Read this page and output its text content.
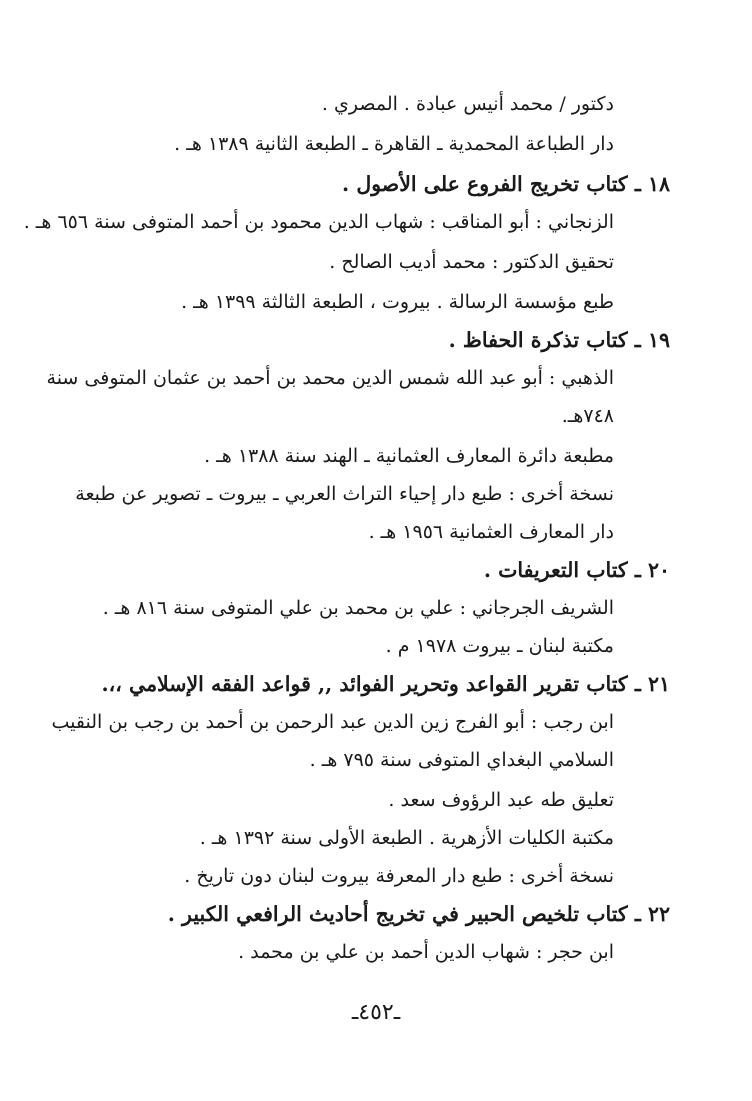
دكتور / محمد أنيس عبادة . المصري .
دار الطباعة المحمدية ـ القاهرة ـ الطبعة الثانية ١٣٨٩ هـ .
١٨ ـ كتاب تخريج الفروع على الأصول .
الزنجاني : أبو المناقب : شهاب الدين محمود بن أحمد المتوفى سنة ٦٥٦ هـ .
تحقيق الدكتور : محمد أديب الصالح .
طبع مؤسسة الرسالة . بيروت ، الطبعة الثالثة ١٣٩٩ هـ .
١٩ ـ كتاب تذكرة الحفاظ .
الذهبي : أبو عبد الله شمس الدين محمد بن أحمد بن عثمان المتوفى سنة
٧٤٨هـ.
مطبعة دائرة المعارف العثمانية ـ الهند سنة ١٣٨٨ هـ .
نسخة أخرى : طبع دار إحياء التراث العربي ـ بيروت ـ تصوير عن طبعة
دار المعارف العثمانية ١٩٥٦ هـ .
٢٠ ـ كتاب التعريفات .
الشريف الجرجاني : علي بن محمد بن علي المتوفى سنة ٨١٦ هـ .
مكتبة لبنان ـ بيروت ١٩٧٨ م .
٢١ ـ كتاب تقرير القواعد وتحرير الفوائد ,, قواعد الفقه الإسلامي ،،.
ابن رجب : أبو الفرج زين الدين عبد الرحمن بن أحمد بن رجب بن النقيب
السلامي البغداي المتوفى سنة ٧٩٥ هـ .
تعليق طه عبد الرؤوف سعد .
مكتبة الكليات الأزهرية . الطبعة الأولى سنة ١٣٩٢ هـ .
نسخة أخرى : طبع دار المعرفة بيروت لبنان دون تاريخ .
٢٢ ـ كتاب تلخيص الحبير في تخريج أحاديث الرافعي الكبير .
ابن حجر : شهاب الدين أحمد بن علي بن محمد .
ـ٤٥٢ـ
